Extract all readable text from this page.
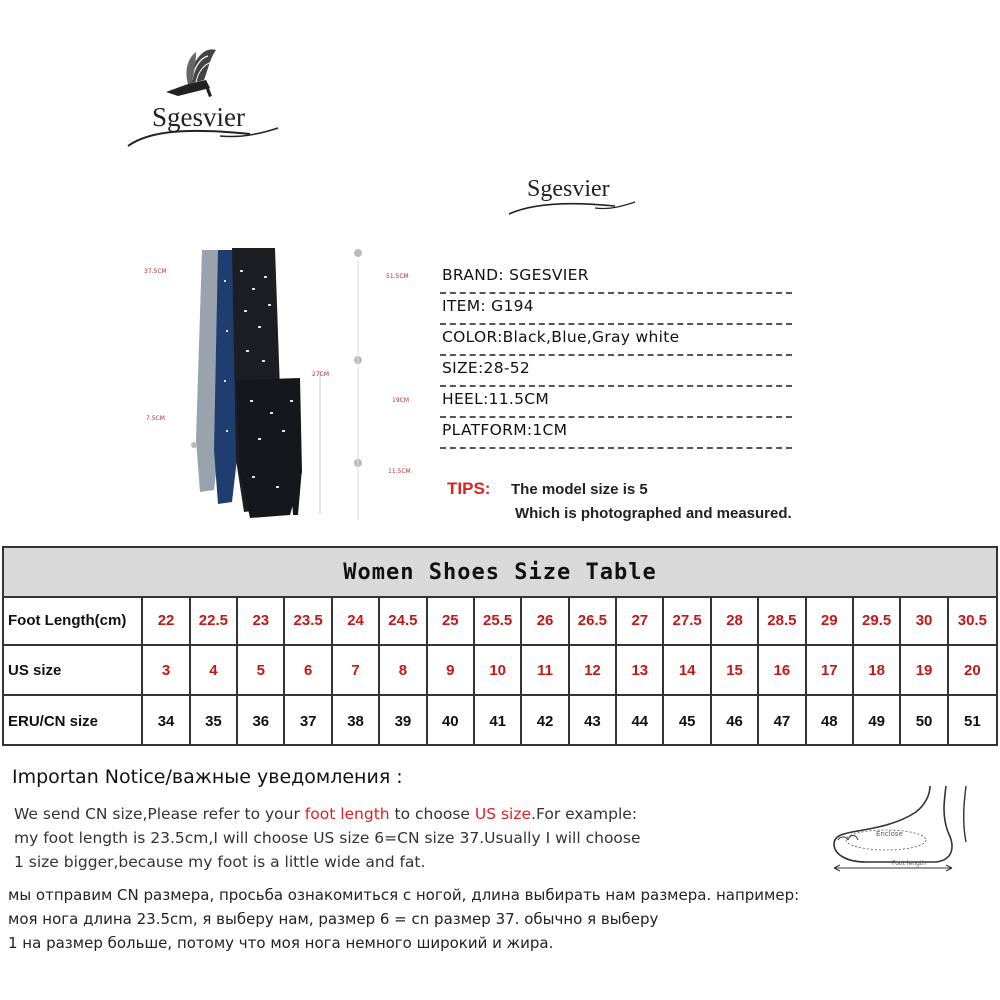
Sgesvier
Sgesvier
37.5CM
51.5CM
27CM
19CM
7.5CM
11.5CM
BRAND: SGESVIER
ITEM: G194
COLOR:Black,Blue,Gray white
SIZE:28-52
HEEL:11.5CM
PLATFORM:1CM
TIPS: The model size is 5
Which is photographed and measured.
Women Shoes Size Table
Foot Length(cm)	22	22.5	23	23.5	24	24.5	25	25.5	26	26.5	27	27.5	28	28.5	29	29.5	30	30.5
US size	3	4	5	6	7	8	9	10	11	12	13	14	15	16	17	18	19	20
ERU/CN size	34	35	36	37	38	39	40	41	42	43	44	45	46	47	48	49	50	51
Importan Notice/важные уведомления :
We send CN size,Please refer to your foot length to choose US size.For example:
my foot length is 23.5cm,I will choose US size 6=CN size 37.Usually I will choose
1 size bigger,because my foot is a little wide and fat.
мы отправим CN размера, просьба ознакомиться с ногой, длина выбирать нам размера. например:
моя нога длина 23.5cm, я выберу нам, размер 6 = cn размер 37. обычно я выберу
1 на размер больше, потому что моя нога немного широкий и жира.
Enclose
Foot length
